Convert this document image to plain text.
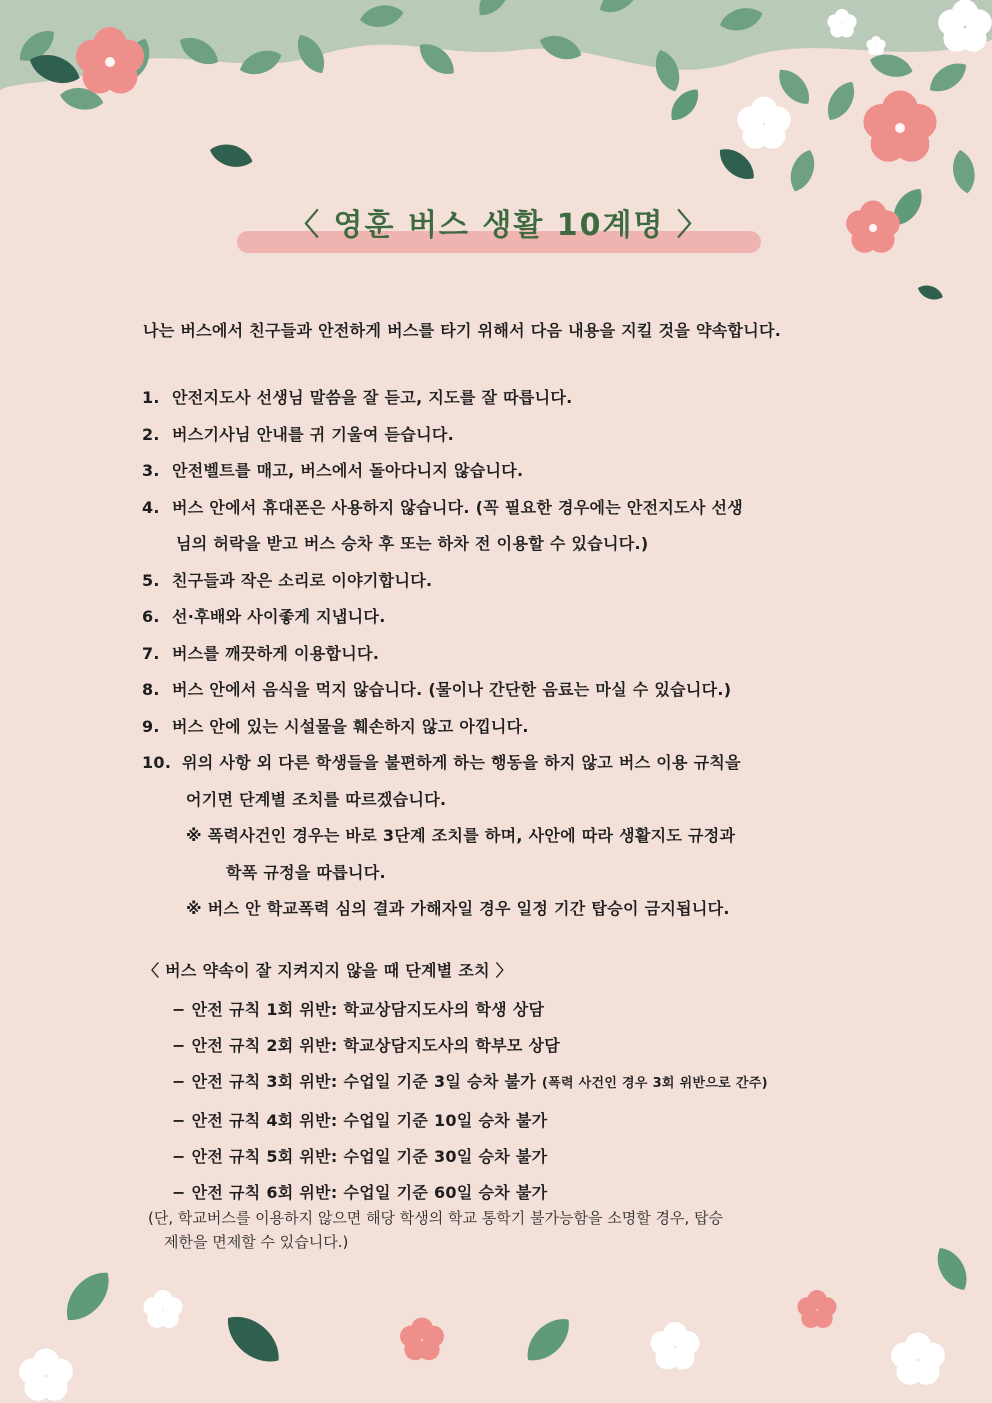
〈 영훈 버스 생활 10계명 〉
나는 버스에서 친구들과 안전하게 버스를 타기 위해서 다음 내용을 지킬 것을 약속합니다.
1. 안전지도사 선생님 말씀을 잘 듣고, 지도를 잘 따릅니다.
2. 버스기사님 안내를 귀 기울여 듣습니다.
3. 안전벨트를 매고, 버스에서 돌아다니지 않습니다.
4. 버스 안에서 휴대폰은 사용하지 않습니다. (꼭 필요한 경우에는 안전지도사 선생
님의 허락을 받고 버스 승차 후 또는 하차 전 이용할 수 있습니다.)
5. 친구들과 작은 소리로 이야기합니다.
6. 선·후배와 사이좋게 지냅니다.
7. 버스를 깨끗하게 이용합니다.
8. 버스 안에서 음식을 먹지 않습니다. (물이나 간단한 음료는 마실 수 있습니다.)
9. 버스 안에 있는 시설물을 훼손하지 않고 아낍니다.
10. 위의 사항 외 다른 학생들을 불편하게 하는 행동을 하지 않고 버스 이용 규칙을
어기면 단계별 조치를 따르겠습니다.
※ 폭력사건인 경우는 바로 3단계 조치를 하며, 사안에 따라 생활지도 규정과
학폭 규정을 따릅니다.
※ 버스 안 학교폭력 심의 결과 가해자일 경우 일정 기간 탑승이 금지됩니다.
〈 버스 약속이 잘 지켜지지 않을 때 단계별 조치 〉
− 안전 규칙 1회 위반: 학교상담지도사의 학생 상담
− 안전 규칙 2회 위반: 학교상담지도사의 학부모 상담
− 안전 규칙 3회 위반: 수업일 기준 3일 승차 불가 (폭력 사건인 경우 3회 위반으로 간주)
− 안전 규칙 4회 위반: 수업일 기준 10일 승차 불가
− 안전 규칙 5회 위반: 수업일 기준 30일 승차 불가
− 안전 규칙 6회 위반: 수업일 기준 60일 승차 불가
(단, 학교버스를 이용하지 않으면 해당 학생의 학교 통학기 불가능함을 소명할 경우, 탑승
제한을 면제할 수 있습니다.)
